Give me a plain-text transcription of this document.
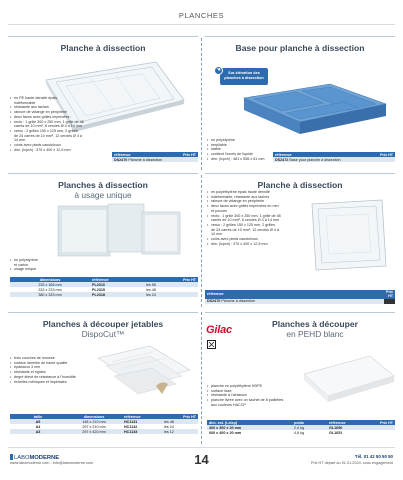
PLANCHES
Planche à dissection
• en PE haute densité épais,
indéformable
• résistante aux taches
• rainure de vidange en périphérie
• deux faces avec grilles imprimées :
• recto : 1 grille 300 x 250 mm, 1 grille de 48
carrés de 10 mm², 6 cercles Ø 4 à 14 mm
• verso : 2 grilles 150 x 125 mm, 2 grilles
de 24 carrés de 10 mm², 12 cercles Ø 4 à
14 mm
• coins avec pieds caoutchouc
• dim. (lxpxh) : 375 x 400 x 12,5 mm
référence	Prix HT
DS2470 Planche à dissection
Base pour planche à dissection
Sur-élévation des
planches à dissection
☚
• en polystyrène
• empilable
• stable
• contient l'excès de liquide
• dim. (lxpxh) : 481 x 556 x 61 mm
référence	Prix HT
DS2472 Base pour planche à dissection
Planches à dissection
à usage unique
• en polystyrène
et carton
• usage unique
dimensions	référence	Prix HT
233 x 166 mm	PL2310	les 96
333 x 233 mm	PL2315	les 48
380 x 333 mm	PL2318	les 24
Planche à dissection
• en polyéthylène épais haute densité
• indéformable, résistante aux taches
• rainure de vidange en périphérie
• deux faces avec grilles imprimées en mm
et pouces
• recto : 1 grille 300 x 250 mm, 1 grille de 48
carrés de 10 mm², 6 cercles Ø 4 à 14 mm
• verso : 2 grilles 150 x 125 mm, 2 grilles
de 24 carrés de 10 mm², 12 cercles Ø 4 à
14 mm
• coins avec pieds caoutchouc
• dim. (lxpxh) : 375 x 400 x 12,5 mm
référence	Prix HT
DS2470 Planche à dissection	
Planches à découper jetables
DispoCut™
• trois couches de mousse
• surface lamelée de haute qualité
• épaisseur 3 mm
• résistants et rigides
• degré élevé de résistance à l'humidité
• échelles métriques et impériales
taille	dimensions	référence	Prix HT
A5	148 x 210 mm	HC1131	les 48
A4	297 x 210 mm	HC1132	les 24
A3	297 x 420 mm	HC1133	les 12
Planches à découper
en PEHD blanc
Gilac
• planche en polyéthylène HDPE
• surface lisse
• résistante à l'abrasion
• planche livrée avec un sachet de 8 paillettes
aux couleurs HACCP
dim. ext. (Lxlxp)	poids	référence	Prix HT
400 x 300 x 20 mm	2,4 kg	GL1650	
600 x 400 x 20 mm	4,8 kg	GL1651	
LABOMODERNE
www.labomoderne.com - info@labomoderne.com	14	Tél. 01 42 50 50 50
Prix HT départ au 01.01.2024, sous engagement
